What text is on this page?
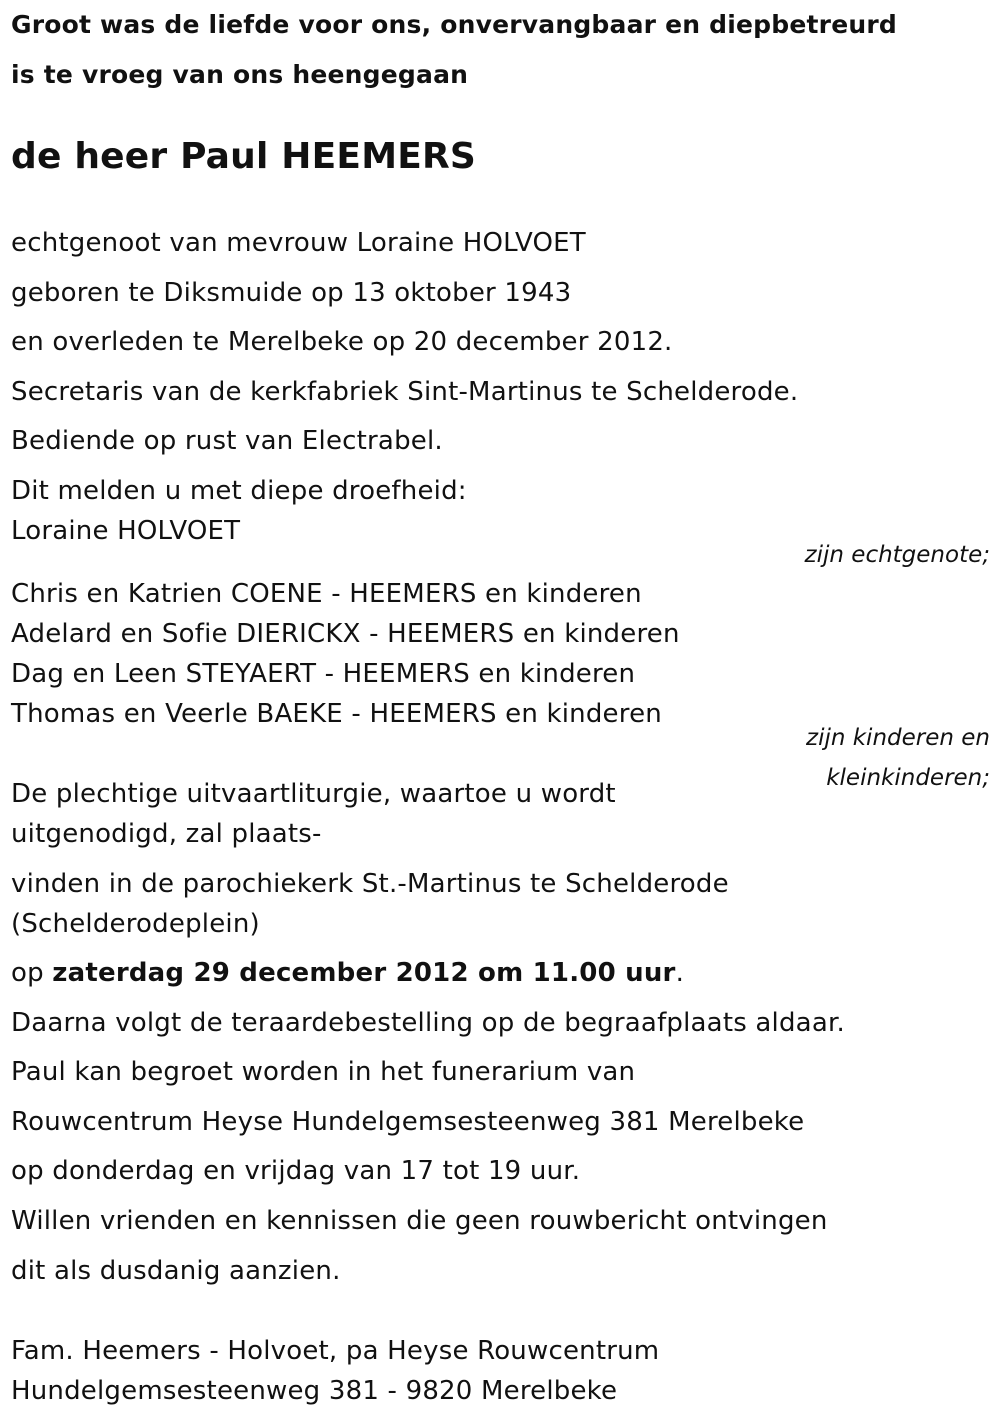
Groot was de liefde voor ons, onvervangbaar en diepbetreurd
is te vroeg van ons heengegaan
de heer Paul HEEMERS
echtgenoot van mevrouw Loraine HOLVOET
geboren te Diksmuide op 13 oktober 1943
en overleden te Merelbeke op 20 december 2012.
Secretaris van de kerkfabriek Sint-Martinus te Schelderode.
Bediende op rust van Electrabel.
Dit melden u met diepe droefheid:
Loraine HOLVOET
zijn echtgenote;
Chris en Katrien COENE - HEEMERS en kinderen
Adelard en Sofie DIERICKX - HEEMERS en kinderen
Dag en Leen STEYAERT - HEEMERS en kinderen
Thomas en Veerle BAEKE - HEEMERS en kinderen
zijn kinderen en
kleinkinderen;
De plechtige uitvaartliturgie, waartoe u wordt
uitgenodigd, zal plaats-
vinden in de parochiekerk St.-Martinus te Schelderode
(Schelderodeplein)
op zaterdag 29 december 2012 om 11.00 uur.
Daarna volgt de teraardebestelling op de begraafplaats aldaar.
Paul kan begroet worden in het funerarium van
Rouwcentrum Heyse Hundelgemsesteenweg 381 Merelbeke
op donderdag en vrijdag van 17 tot 19 uur.
Willen vrienden en kennissen die geen rouwbericht ontvingen
dit als dusdanig aanzien.
Fam. Heemers - Holvoet, pa Heyse Rouwcentrum
Hundelgemsesteenweg 381 - 9820 Merelbeke
